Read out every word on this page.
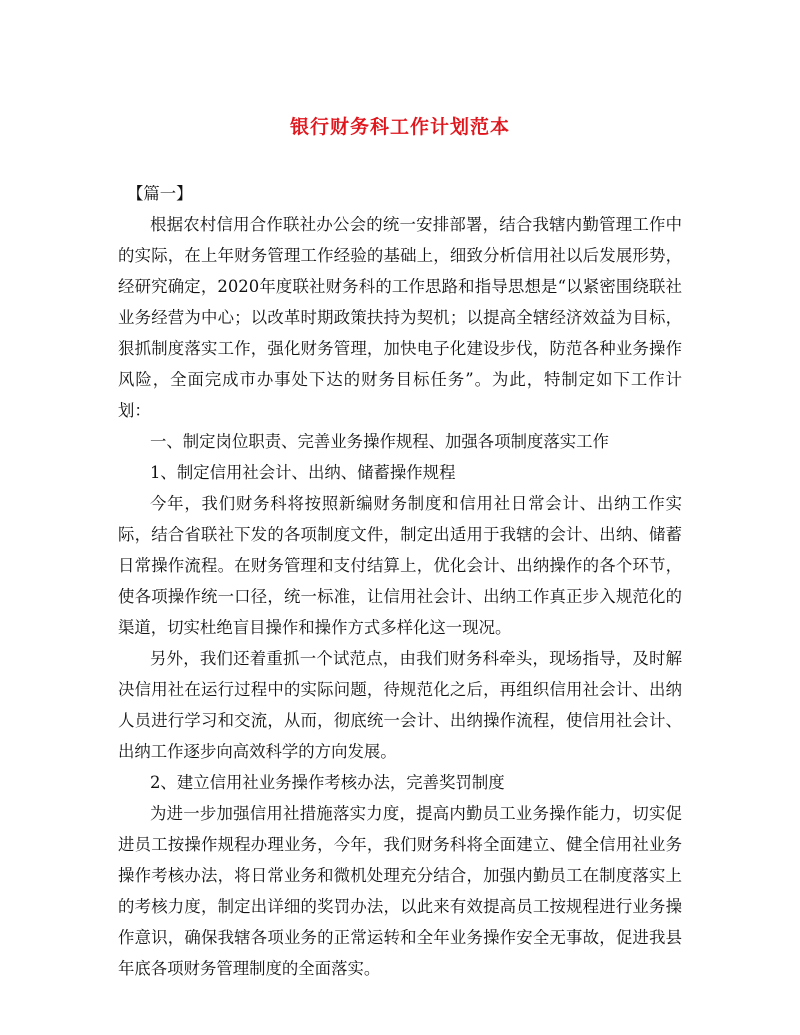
银行财务科工作计划范本

【篇一】

根据农村信用合作联社办公会的统一安排部署，结合我辖内勤管理工作中的实际，在上年财务管理工作经验的基础上，细致分析信用社以后发展形势，经研究确定，2020年度联社财务科的工作思路和指导思想是“以紧密围绕联社业务经营为中心；以改革时期政策扶持为契机；以提高全辖经济效益为目标，狠抓制度落实工作，强化财务管理，加快电子化建设步伐，防范各种业务操作风险，全面完成市办事处下达的财务目标任务”。为此，特制定如下工作计划：

一、制定岗位职责、完善业务操作规程、加强各项制度落实工作

1、制定信用社会计、出纳、储蓄操作规程

今年，我们财务科将按照新编财务制度和信用社日常会计、出纳工作实际，结合省联社下发的各项制度文件，制定出适用于我辖的会计、出纳、储蓄日常操作流程。在财务管理和支付结算上，优化会计、出纳操作的各个环节，使各项操作统一口径，统一标准，让信用社会计、出纳工作真正步入规范化的渠道，切实杜绝盲目操作和操作方式多样化这一现况。

另外，我们还着重抓一个试范点，由我们财务科牵头，现场指导，及时解决信用社在运行过程中的实际问题，待规范化之后，再组织信用社会计、出纳人员进行学习和交流，从而，彻底统一会计、出纳操作流程，使信用社会计、出纳工作逐步向高效科学的方向发展。

2、建立信用社业务操作考核办法，完善奖罚制度

为进一步加强信用社措施落实力度，提高内勤员工业务操作能力，切实促进员工按操作规程办理业务，今年，我们财务科将全面建立、健全信用社业务操作考核办法，将日常业务和微机处理充分结合，加强内勤员工在制度落实上的考核力度，制定出详细的奖罚办法，以此来有效提高员工按规程进行业务操作意识，确保我辖各项业务的正常运转和全年业务操作安全无事故，促进我县年底各项财务管理制度的全面落实。
